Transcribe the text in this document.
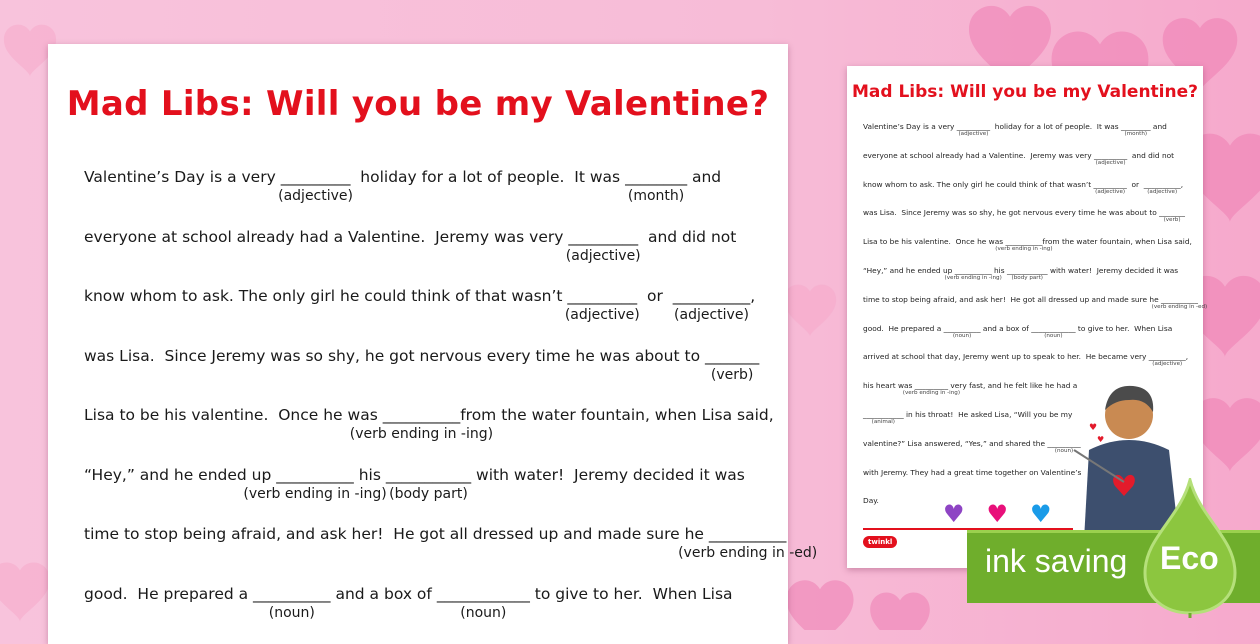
Mad Libs: Will you be my Valentine?
Valentine’s Day is a very _________
(adjective)
holiday for a lot of people.  It was ________
(month)
and
everyone at school already had a Valentine.  Jeremy was very _________
(adjective)
and did not
know whom to ask. The only girl he could think of that wasn’t _________
(adjective)
or  __________
(adjective)
,
was Lisa.  Since Jeremy was so shy, he got nervous every time he was about to _______
(verb)
Lisa to be his valentine.  Once he was __________
(verb ending in -ing)
from the water fountain, when Lisa said,
“Hey,” and he ended up __________
(verb ending in -ing)
his ___________
(body part)
with water!  Jeremy decided it was
time to stop being afraid, and ask her!  He got all dressed up and made sure he __________
(verb ending in -ed)
good.  He prepared a __________
(noun)
and a box of ____________
(noun)
to give to her.  When Lisa
Mad Libs: Will you be my Valentine?
Valentine’s Day is a very _________
(adjective)
holiday for a lot of people.  It was ________
(month)
and
everyone at school already had a Valentine.  Jeremy was very _________
(adjective)
and did not
know whom to ask. The only girl he could think of that wasn’t _________
(adjective)
or  __________
(adjective)
,
was Lisa.  Since Jeremy was so shy, he got nervous every time he was about to _______
(verb)
Lisa to be his valentine.  Once he was __________
(verb ending in -ing)
from the water fountain, when Lisa said,
“Hey,” and he ended up __________
(verb ending in -ing)
his ___________
(body part)
with water!  Jeremy decided it was
time to stop being afraid, and ask her!  He got all dressed up and made sure he __________
(verb ending in -ed)
good.  He prepared a __________
(noun)
and a box of ____________
(noun)
to give to her.  When Lisa
arrived at school that day, Jeremy went up to speak to her.  He became very __________
(adjective)
,
his heart was _________
(verb ending in -ing)
very fast, and he felt like he had a
___________
(animal)
in his throat!  He asked Lisa, “Will you be my
valentine?” Lisa answered, “Yes,” and shared the _________
(noun)
with Jeremy. They had a great time together on Valentine’s
Day.	♥ ♥ ♥
♥
♥
twinkl
ink saving Eco
